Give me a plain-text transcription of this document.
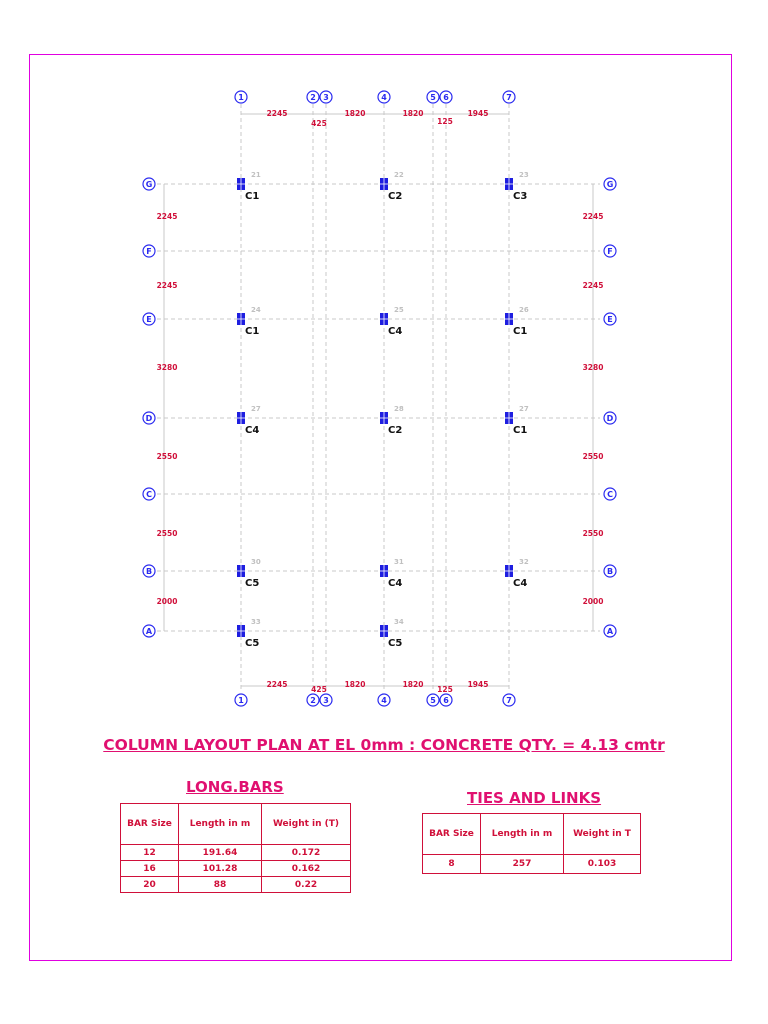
1
1
2
2
3
3
4
4
5
5
6
6
7
7
G	G
F	F
E	E
D	D
C	C
B	B
A	A
2245
425
1820	1820
125
1945
2245
425
1820	1820
125
1945
2245	2245
2245	2245
3280	3280
2550	2550
2550	2550
2000	2000
21
C1
22
C2
23
C3
24
C1
25
C4
26
C1
27
C4
28
C2
27
C1
30
C5
31
C4
32
C4
33
C5
34
C5
COLUMN LAYOUT PLAN AT EL 0mm : CONCRETE QTY. = 4.13 cmtr
LONG.BARS
BAR Size	Length in m	Weight in (T)
12	191.64	0.172
16	101.28	0.162
20	88	0.22
TIES AND LINKS
BAR Size	Length in m	Weight in T
8	257	0.103
